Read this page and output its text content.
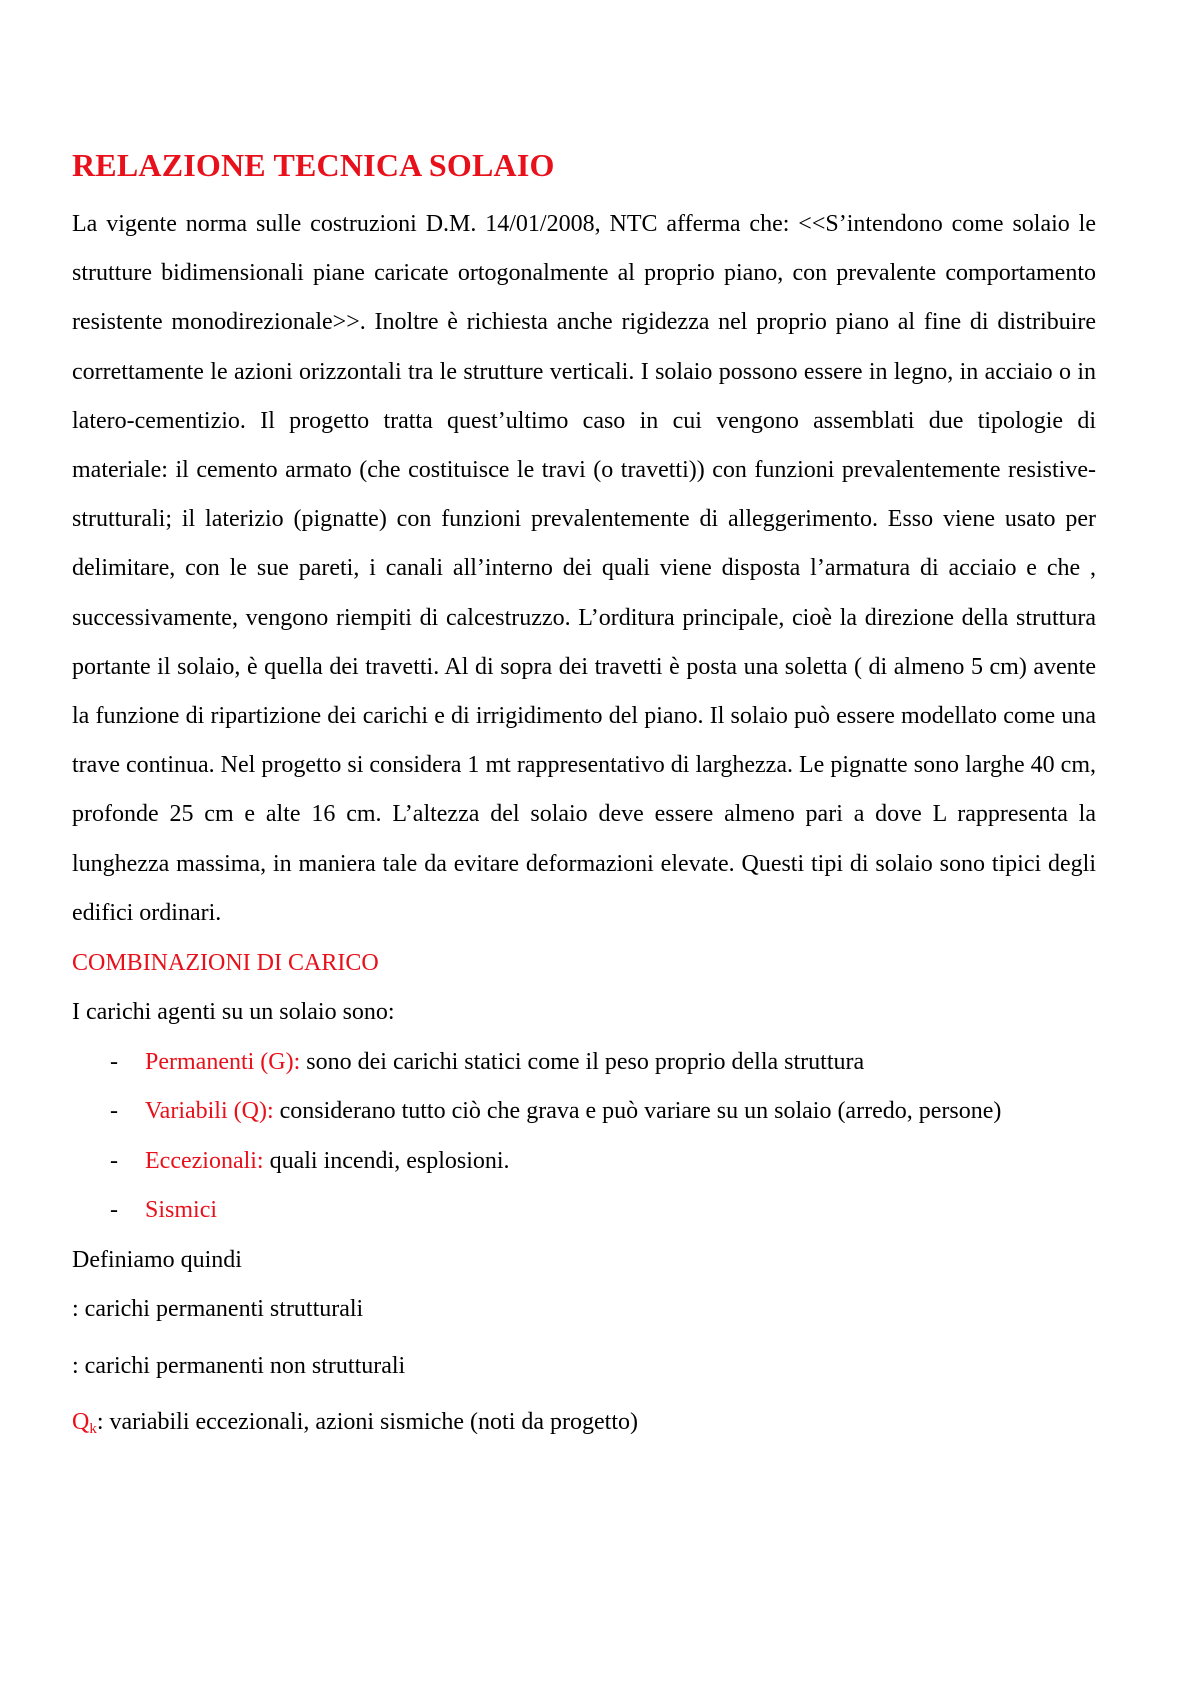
RELAZIONE TECNICA SOLAIO

La vigente norma sulle costruzioni D.M. 14/01/2008, NTC afferma che: <<S’intendono come solaio le strutture bidimensionali piane caricate ortogonalmente al proprio piano, con prevalente comportamento resistente monodirezionale>>. Inoltre è richiesta anche rigidezza nel proprio piano al fine di distribuire correttamente le azioni orizzontali tra le strutture verticali. I solaio possono essere in legno, in acciaio o in latero-cementizio. Il progetto tratta quest’ultimo caso in cui vengono assemblati due tipologie di materiale: il cemento armato (che costituisce le travi (o travetti)) con funzioni prevalentemente resistive-strutturali; il laterizio (pignatte) con funzioni prevalentemente di alleggerimento. Esso viene usato per delimitare, con le sue pareti, i canali all’interno dei quali viene disposta l’armatura di acciaio e che , successivamente, vengono riempiti di calcestruzzo. L’orditura principale, cioè la direzione della struttura portante il solaio, è quella dei travetti. Al di sopra dei travetti è posta una soletta ( di almeno 5 cm) avente la funzione di ripartizione dei carichi e di irrigidimento del piano. Il solaio può essere modellato come una trave continua. Nel progetto si considera 1 mt rappresentativo di larghezza. Le pignatte sono larghe 40 cm, profonde 25 cm e alte 16 cm. L’altezza del solaio deve essere almeno pari a dove L rappresenta la lunghezza massima, in maniera tale da evitare deformazioni elevate. Questi tipi di solaio sono tipici degli edifici ordinari.

COMBINAZIONI DI CARICO

I carichi agenti su un solaio sono:

- Permanenti (G): sono dei carichi statici come il peso proprio della struttura
- Variabili (Q): considerano tutto ciò che grava e può variare su un solaio (arredo, persone)
- Eccezionali: quali incendi, esplosioni.
- Sismici

Definiamo quindi

: carichi permanenti strutturali

: carichi permanenti non strutturali

$Q_k$: variabili eccezionali, azioni sismiche (noti da progetto)
